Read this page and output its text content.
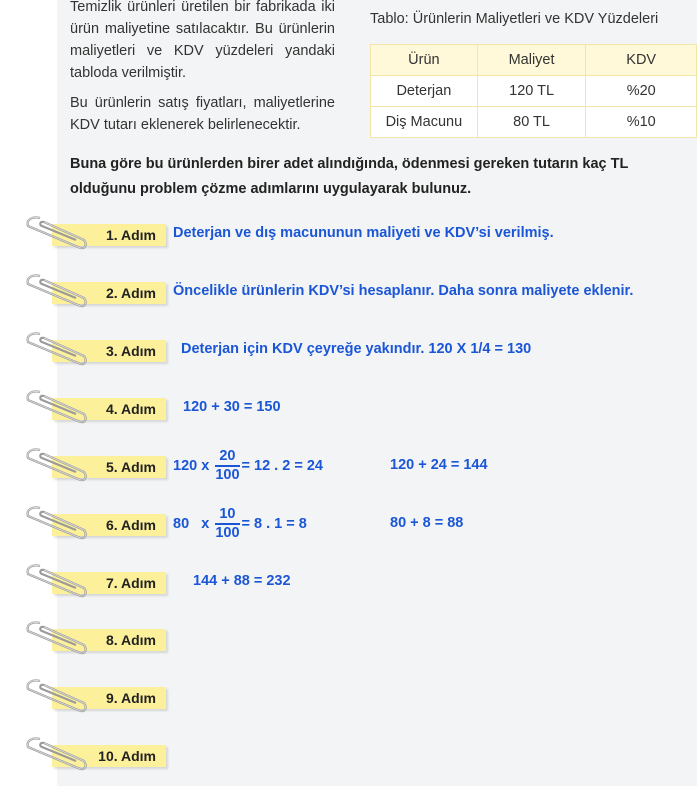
Temizlik ürünleri üretilen bir fabrikada iki ürün maliyetine satılacaktır. Bu ürünlerin maliyetleri ve KDV yüzdeleri yandaki tabloda verilmiştir.

Bu ürünlerin satış fiyatları, maliyetlerine KDV tutarı eklenerek belirlenecektir.

Tablo: Ürünlerin Maliyetleri ve KDV Yüzdeleri
Ürün	Maliyet	KDV
Deterjan	120 TL	%20
Diş Macunu	80 TL	%10
Buna göre bu ürünlerden birer adet alındığında, ödenmesi gereken tutarın kaç TL olduğunu problem çözme adımlarını uygulayarak bulunuz.
1. Adım Deterjan ve dış macununun maliyeti ve KDV’si verilmiş.
2. Adım Öncelikle ürünlerin KDV’si hesaplanır. Daha sonra maliyete eklenir.
3. Adım Deterjan için KDV çeyreğe yakındır. 120 X 1/4 = 130
4. Adım 120 + 30 = 150
5. Adım 120 x $\frac{20}{100} = 12$ . 2 = 24	120 + 24 = 144
6. Adım 80   x $\frac{10}{100} = 8$ . 1 = 8	80 + 8 = 88
7. Adım	144 + 88 = 232
8. Adım
9. Adım
10. Adım
